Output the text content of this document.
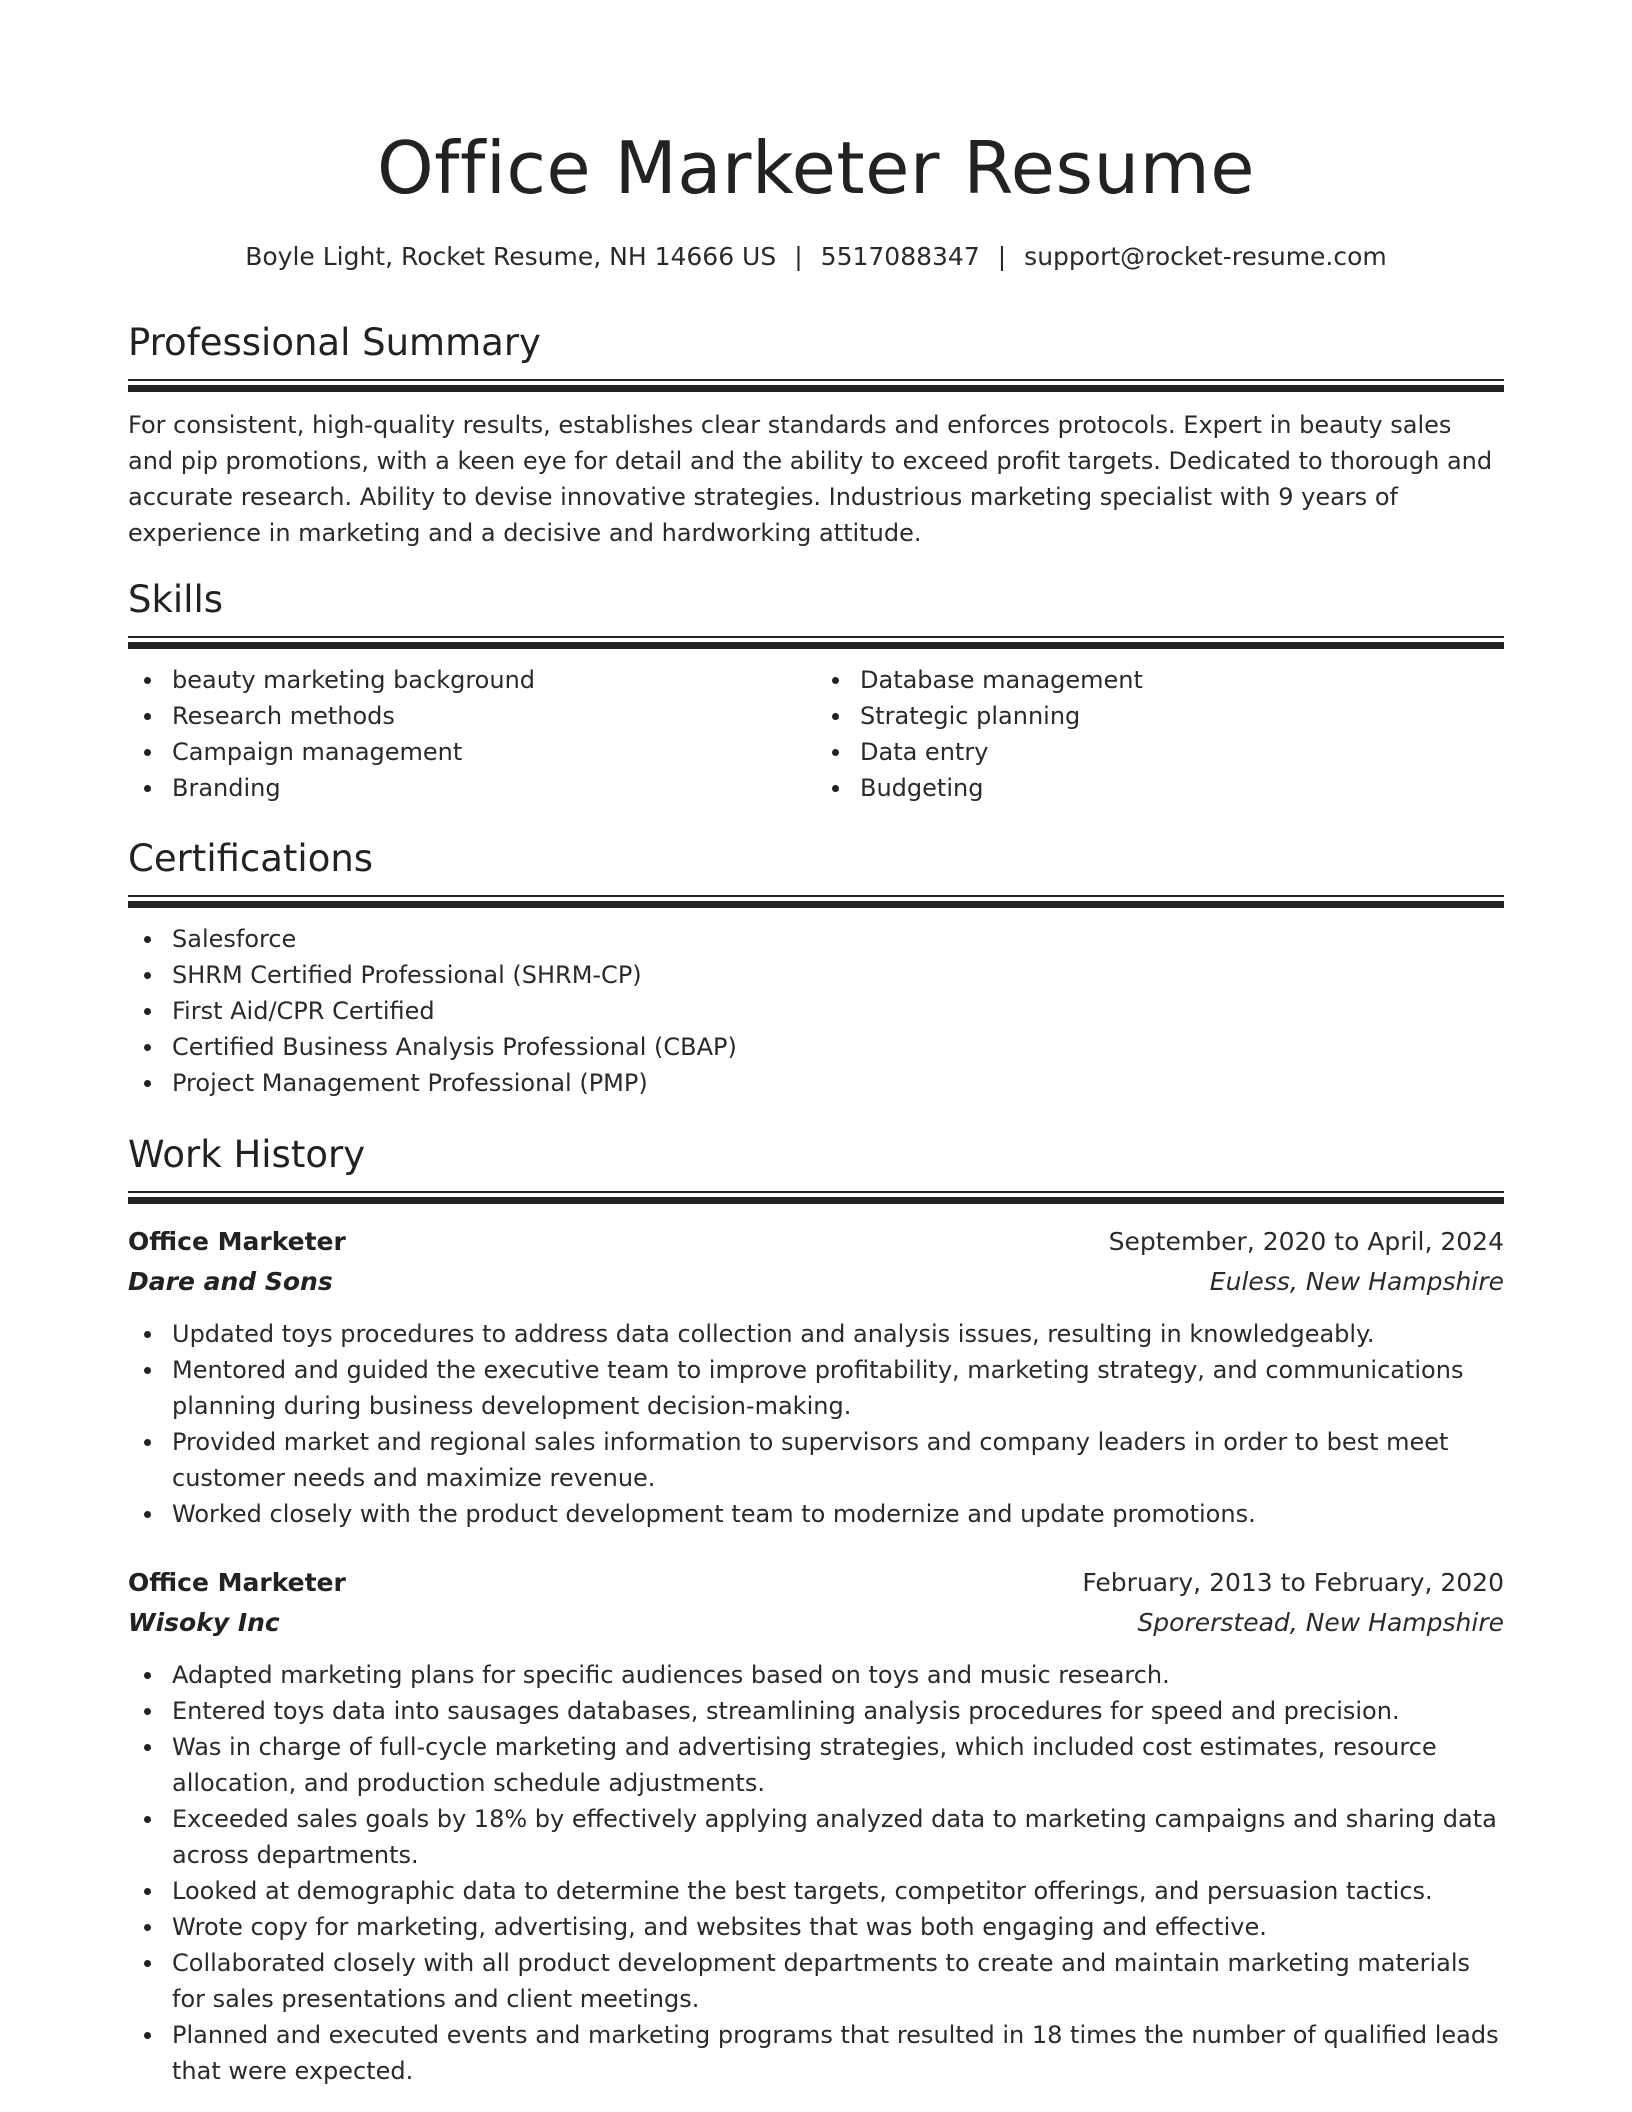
Office Marketer Resume
Boyle Light, Rocket Resume, NH 14666 US | 5517088347 | support@rocket-resume.com
Professional Summary

For consistent, high-quality results, establishes clear standards and enforces protocols. Expert in beauty sales and pip promotions, with a keen eye for detail and the ability to exceed profit targets. Dedicated to thorough and accurate research. Ability to devise innovative strategies. Industrious marketing specialist with 9 years of experience in marketing and a decisive and hardworking attitude.

Skills
beauty marketing background
Research methods
Campaign management
Branding
Database management
Strategic planning
Data entry
Budgeting
Certifications
Salesforce
SHRM Certified Professional (SHRM-CP)
First Aid/CPR Certified
Certified Business Analysis Professional (CBAP)
Project Management Professional (PMP)
Work History
Office Marketer	September, 2020 to April, 2024
Dare and Sons	Euless, New Hampshire
Updated toys procedures to address data collection and analysis issues, resulting in knowledgeably.
Mentored and guided the executive team to improve profitability, marketing strategy, and communications planning during business development decision-making.
Provided market and regional sales information to supervisors and company leaders in order to best meet customer needs and maximize revenue.
Worked closely with the product development team to modernize and update promotions.
Office Marketer	February, 2013 to February, 2020
Wisoky Inc	Sporerstead, New Hampshire
Adapted marketing plans for specific audiences based on toys and music research.
Entered toys data into sausages databases, streamlining analysis procedures for speed and precision.
Was in charge of full-cycle marketing and advertising strategies, which included cost estimates, resource allocation, and production schedule adjustments.
Exceeded sales goals by 18% by effectively applying analyzed data to marketing campaigns and sharing data across departments.
Looked at demographic data to determine the best targets, competitor offerings, and persuasion tactics.
Wrote copy for marketing, advertising, and websites that was both engaging and effective.
Collaborated closely with all product development departments to create and maintain marketing materials for sales presentations and client meetings.
Planned and executed events and marketing programs that resulted in 18 times the number of qualified leads that were expected.
